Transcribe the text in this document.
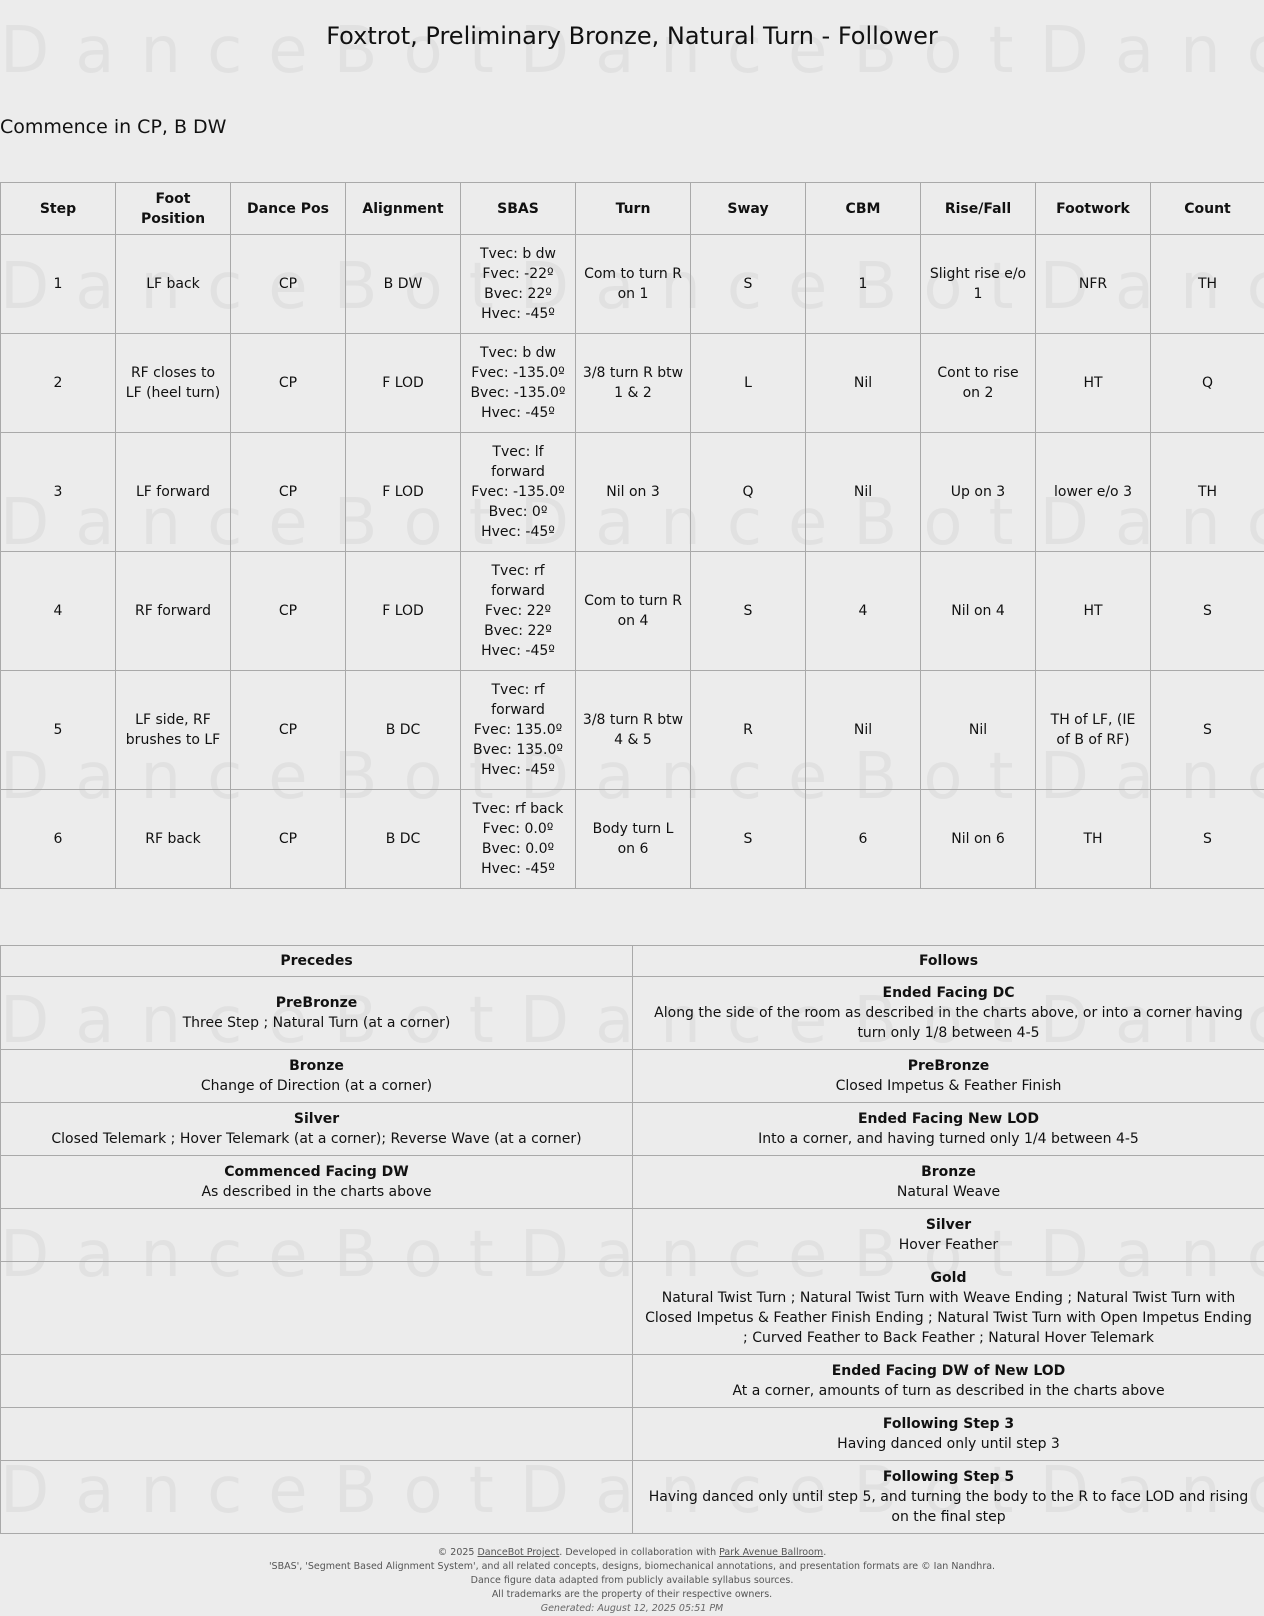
Foxtrot, Preliminary Bronze, Natural Turn - Follower
Commence in CP, B DW
Step	Foot Position	Dance Pos	Alignment	SBAS	Turn	Sway	CBM	Rise/Fall	Footwork	Count
1	LF back	CP	B DW	Tvec: b dw
Fvec: -22º
Bvec: 22º
Hvec: -45º	Com to turn R on 1	S	1	Slight rise e/o 1	NFR	TH
2	RF closes to LF (heel turn)	CP	F LOD	Tvec: b dw
Fvec: -135.0º
Bvec: -135.0º
Hvec: -45º	3/8 turn R btw 1 & 2	L	Nil	Cont to rise on 2	HT	Q
3	LF forward	CP	F LOD	Tvec: lf forward
Fvec: -135.0º
Bvec: 0º
Hvec: -45º	Nil on 3	Q	Nil	Up on 3	lower e/o 3	TH
4	RF forward	CP	F LOD	Tvec: rf forward
Fvec: 22º
Bvec: 22º
Hvec: -45º	Com to turn R on 4	S	4	Nil on 4	HT	S
5	LF side, RF brushes to LF	CP	B DC	Tvec: rf forward
Fvec: 135.0º
Bvec: 135.0º
Hvec: -45º	3/8 turn R btw 4 & 5	R	Nil	Nil	TH of LF, (IE of B of RF)	S
6	RF back	CP	B DC	Tvec: rf back
Fvec: 0.0º
Bvec: 0.0º
Hvec: -45º	Body turn L on 6	S	6	Nil on 6	TH	S
Precedes	Follows

PreBronze
Three Step ; Natural Turn (at a corner)	Ended Facing DC
Along the side of the room as described in the charts above, or into a corner having turn only 1/8 between 4-5

Bronze
Change of Direction (at a corner)	PreBronze
Closed Impetus & Feather Finish

Silver
Closed Telemark ; Hover Telemark (at a corner); Reverse Wave (at a corner)	Ended Facing New LOD
Into a corner, and having turned only 1/4 between 4-5

Commenced Facing DW
As described in the charts above	Bronze
Natural Weave

	Silver
Hover Feather

	Gold
Natural Twist Turn ; Natural Twist Turn with Weave Ending ; Natural Twist Turn with Closed Impetus & Feather Finish Ending ; Natural Twist Turn with Open Impetus Ending ; Curved Feather to Back Feather ; Natural Hover Telemark

	Ended Facing DW of New LOD
At a corner, amounts of turn as described in the charts above

	Following Step 3
Having danced only until step 3

	Following Step 5
Having danced only until step 5, and turning the body to the R to face LOD and rising on the final step
© 2025 DanceBot Project. Developed in collaboration with Park Avenue Ballroom.
'SBAS', 'Segment Based Alignment System', and all related concepts, designs, biomechanical annotations, and presentation formats are © Ian Nandhra.
Dance figure data adapted from publicly available syllabus sources.
All trademarks are the property of their respective owners.
Generated: August 12, 2025 05:51 PM
